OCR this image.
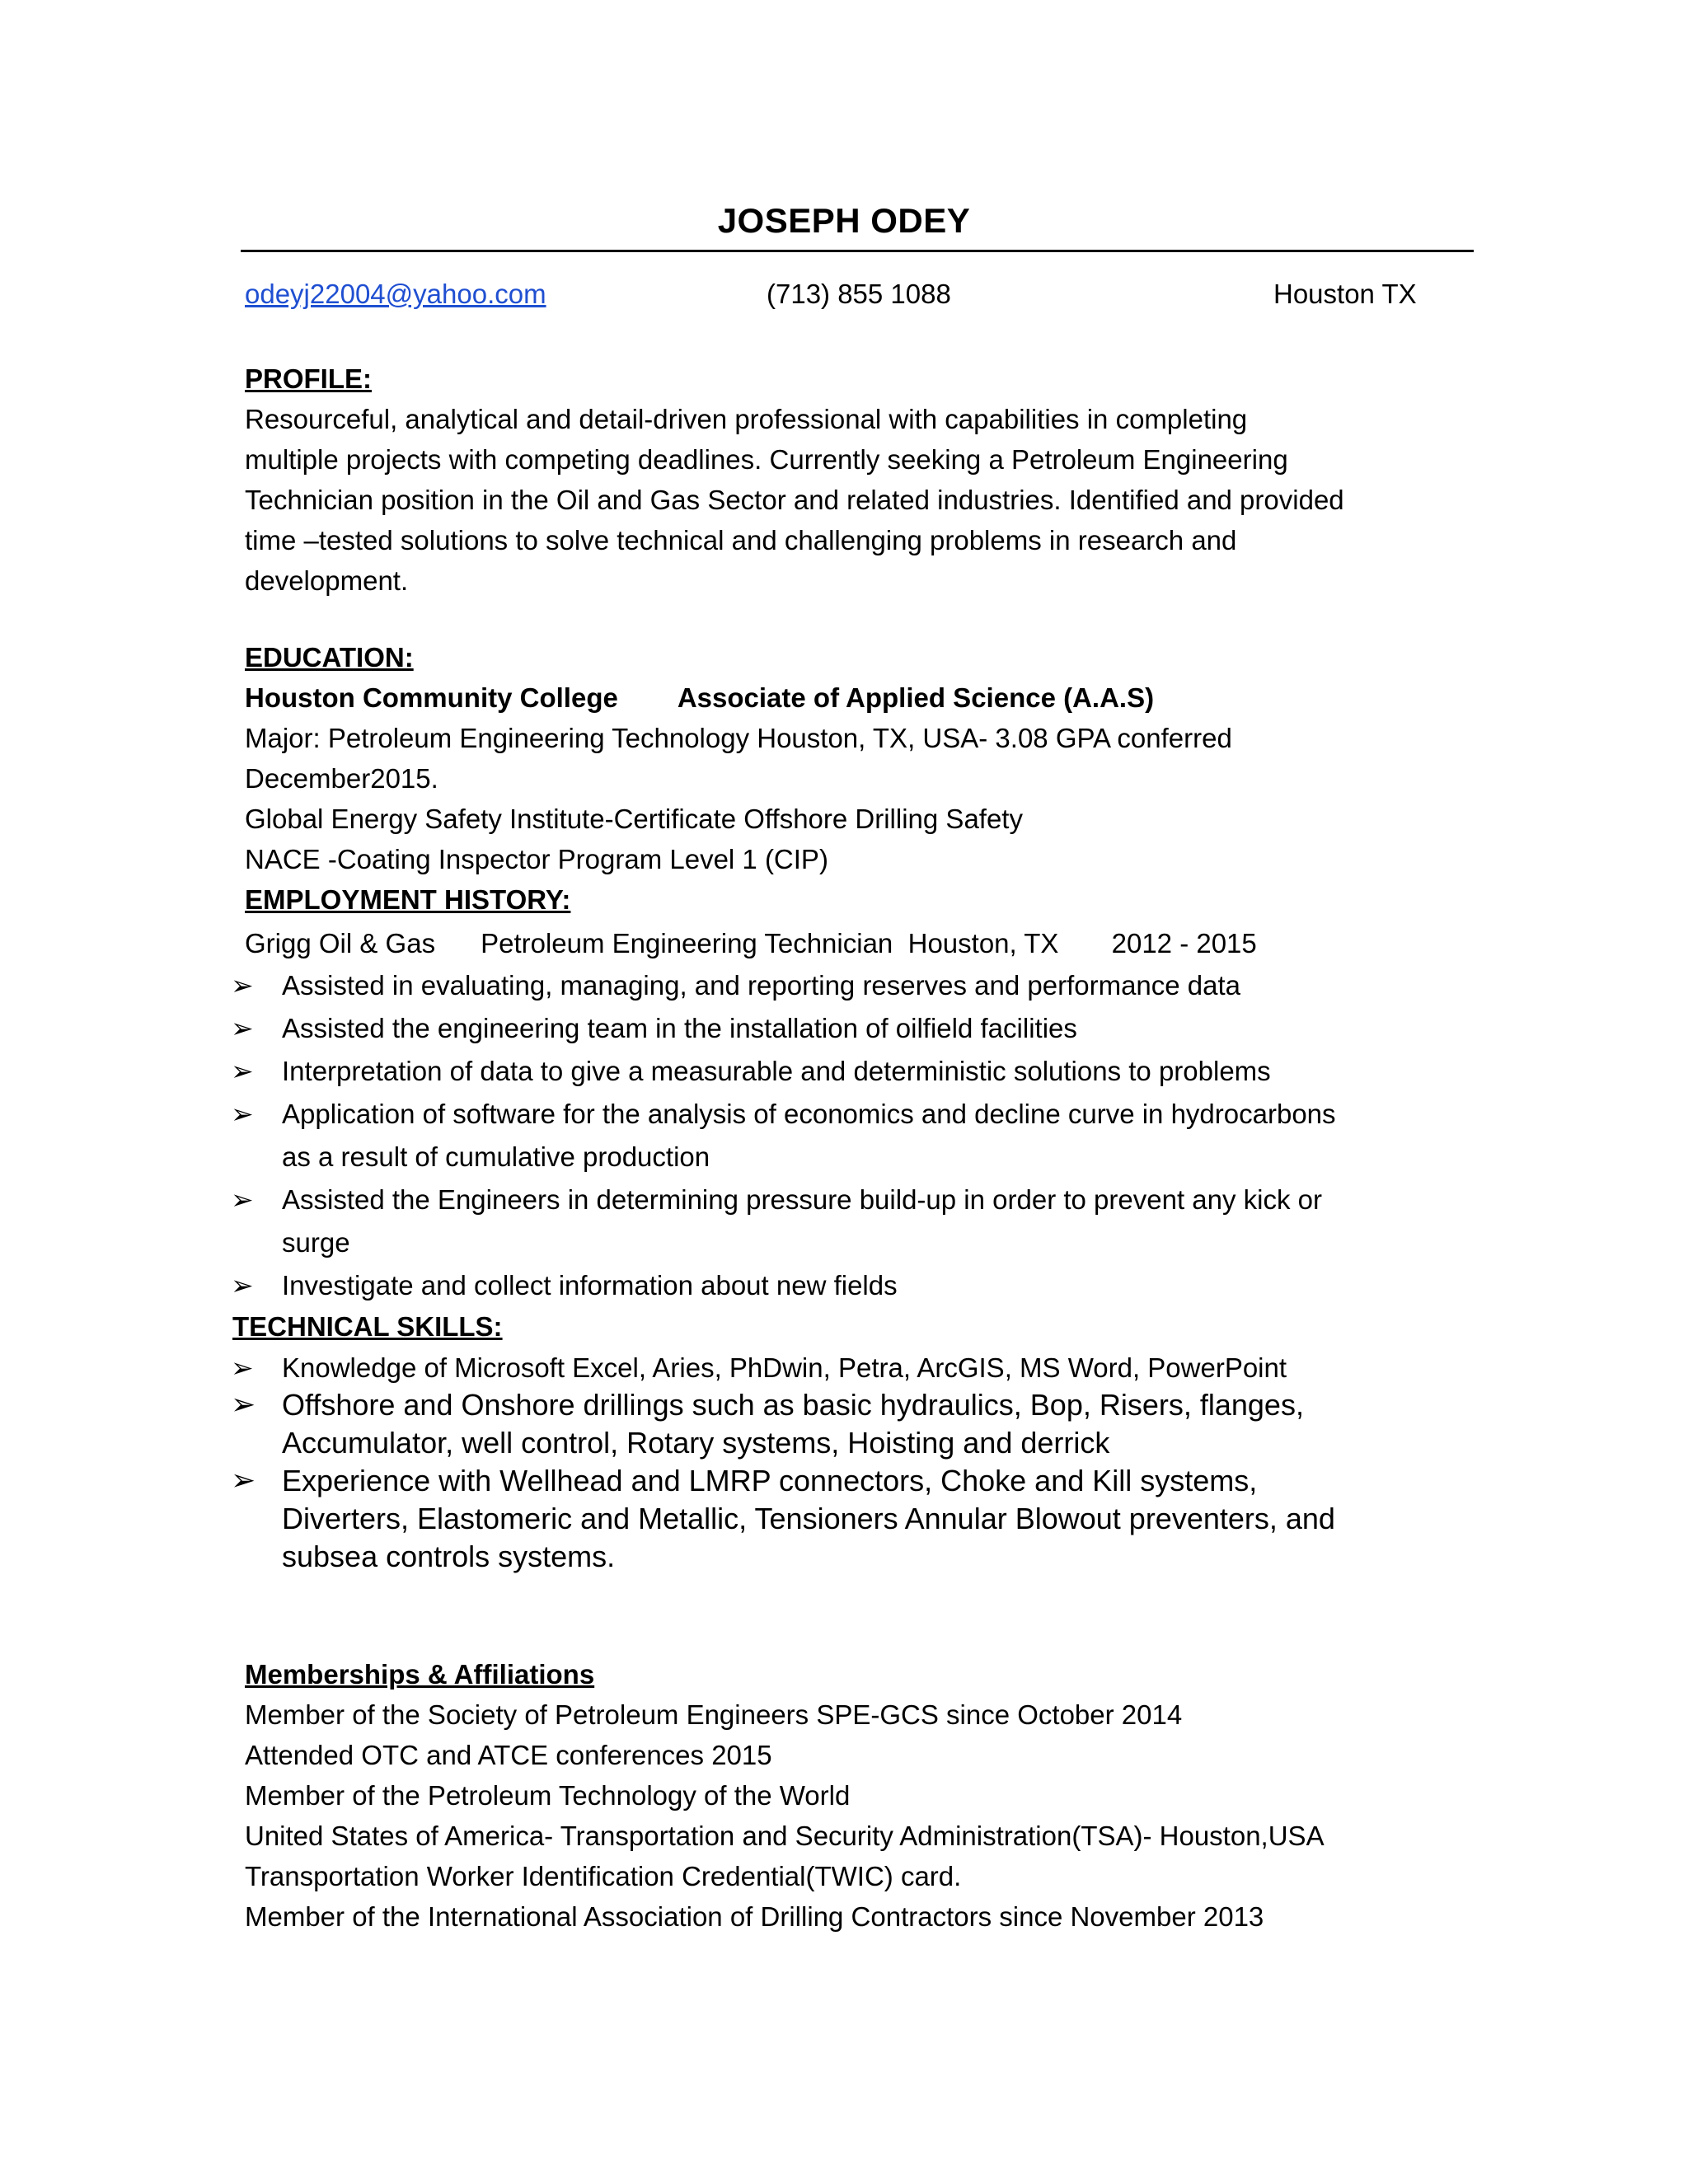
JOSEPH ODEY
odeyj22004@yahoo.com	(713) 855 1088	Houston TX
PROFILE:
Resourceful, analytical and detail-driven professional with capabilities in completing
multiple projects with competing deadlines. Currently seeking a Petroleum Engineering
Technician position in the Oil and Gas Sector and related industries. Identified and provided
time –tested solutions to solve technical and challenging problems in research and
development.
EDUCATION:
Houston Community College Associate of Applied Science (A.A.S)
Major: Petroleum Engineering Technology Houston, TX, USA- 3.08 GPA conferred
December2015.
Global Energy Safety Institute-Certificate Offshore Drilling Safety
NACE -Coating Inspector Program Level 1 (CIP)
EMPLOYMENT HISTORY:
Grigg Oil & Gas      Petroleum Engineering Technician  Houston, TX       2012 - 2015
➢ Assisted in evaluating, managing, and reporting reserves and performance data
➢ Assisted the engineering team in the installation of oilfield facilities
➢ Interpretation of data to give a measurable and deterministic solutions to problems
➢ Application of software for the analysis of economics and decline curve in hydrocarbons
as a result of cumulative production
➢ Assisted the Engineers in determining pressure build-up in order to prevent any kick or
surge
➢ Investigate and collect information about new fields
TECHNICAL SKILLS:
➢ Knowledge of Microsoft Excel, Aries, PhDwin, Petra, ArcGIS, MS Word, PowerPoint
➢ Offshore and Onshore drillings such as basic hydraulics, Bop, Risers, flanges,
Accumulator, well control, Rotary systems, Hoisting and derrick
➢ Experience with Wellhead and LMRP connectors, Choke and Kill systems,
Diverters, Elastomeric and Metallic, Tensioners Annular Blowout preventers, and
subsea controls systems.
Memberships & Affiliations
Member of the Society of Petroleum Engineers SPE-GCS since October 2014
Attended OTC and ATCE conferences 2015
Member of the Petroleum Technology of the World
United States of America- Transportation and Security Administration(TSA)- Houston,USA
Transportation Worker Identification Credential(TWIC) card.
Member of the International Association of Drilling Contractors since November 2013
